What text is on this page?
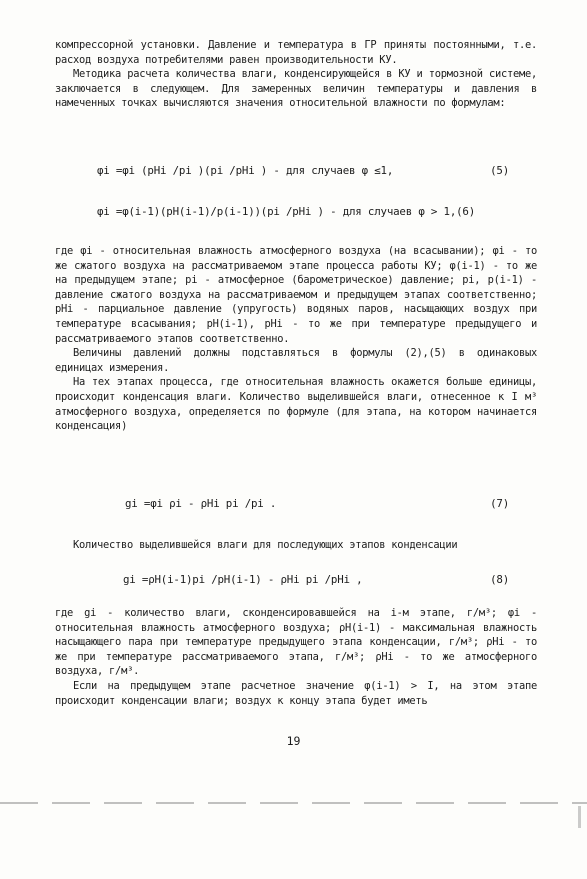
компрессорной установки. Давление и температура в ГР приняты постоянными, т.е. расход воздуха потребителями равен производительности КУ.

Методика расчета количества влаги, конденсирующейся в КУ и тормозной системе, заключается в следующем. Для замеренных величин температуры и давления в намеченных точках вычисляются значения относительной влажности по формулам:

φi =φi (pHi /pi )(pi /pHi ) - для случаев φ ≤1,	(5)
φi =φ(i-1)(pH(i-1)/p(i-1))(pi /pHi ) - для случаев φ > 1,(6)

где φi - относительная влажность атмосферного воздуха (на всасывании); φi - то же сжатого воздуха на рассматриваемом этапе процесса работы КУ; φ(i-1) - то же на предыдущем этапе; pi - атмосферное (барометрическое) давление; pi, p(i-1) - давление сжатого воздуха на рассматриваемом и предыдущем этапах соответственно; pHi - парциальное давление (упругость) водяных паров, насыщающих воздух при температуре всасывания; pH(i-1), pHi - то же при температуре предыдущего и рассматриваемого этапов соответственно.

Величины давлений должны подставляться в формулы (2),(5) в одинаковых единицах измерения.

На тех этапах процесса, где относительная влажность окажется больше единицы, происходит конденсация влаги. Количество выделившейся влаги, отнесенное к I м³ атмосферного воздуха, определяется по формуле (для этапа, на котором начинается конденсация)

gi =φi ρi - ρHi pi /pi .	(7)

Количество выделившейся влаги для последующих этапов конденсации

gi =ρH(i-1)pi /pH(i-1) - ρHi pi /pHi ,	(8)

где gi - количество влаги, сконденсировавшейся на i-м этапе, г/м³; φi - относительная влажность атмосферного воздуха; ρH(i-1) - максимальная влажность насыщающего пара при температуре предыдущего этапа конденсации, г/м³; ρHi - то же при температуре рассматриваемого этапа, г/м³; ρHi - то же атмосферного воздуха, г/м³.

Если на предыдущем этапе расчетное значение φ(i-1) > I, на этом этапе происходит конденсации влаги; воздух к концу этапа будет иметь

19
